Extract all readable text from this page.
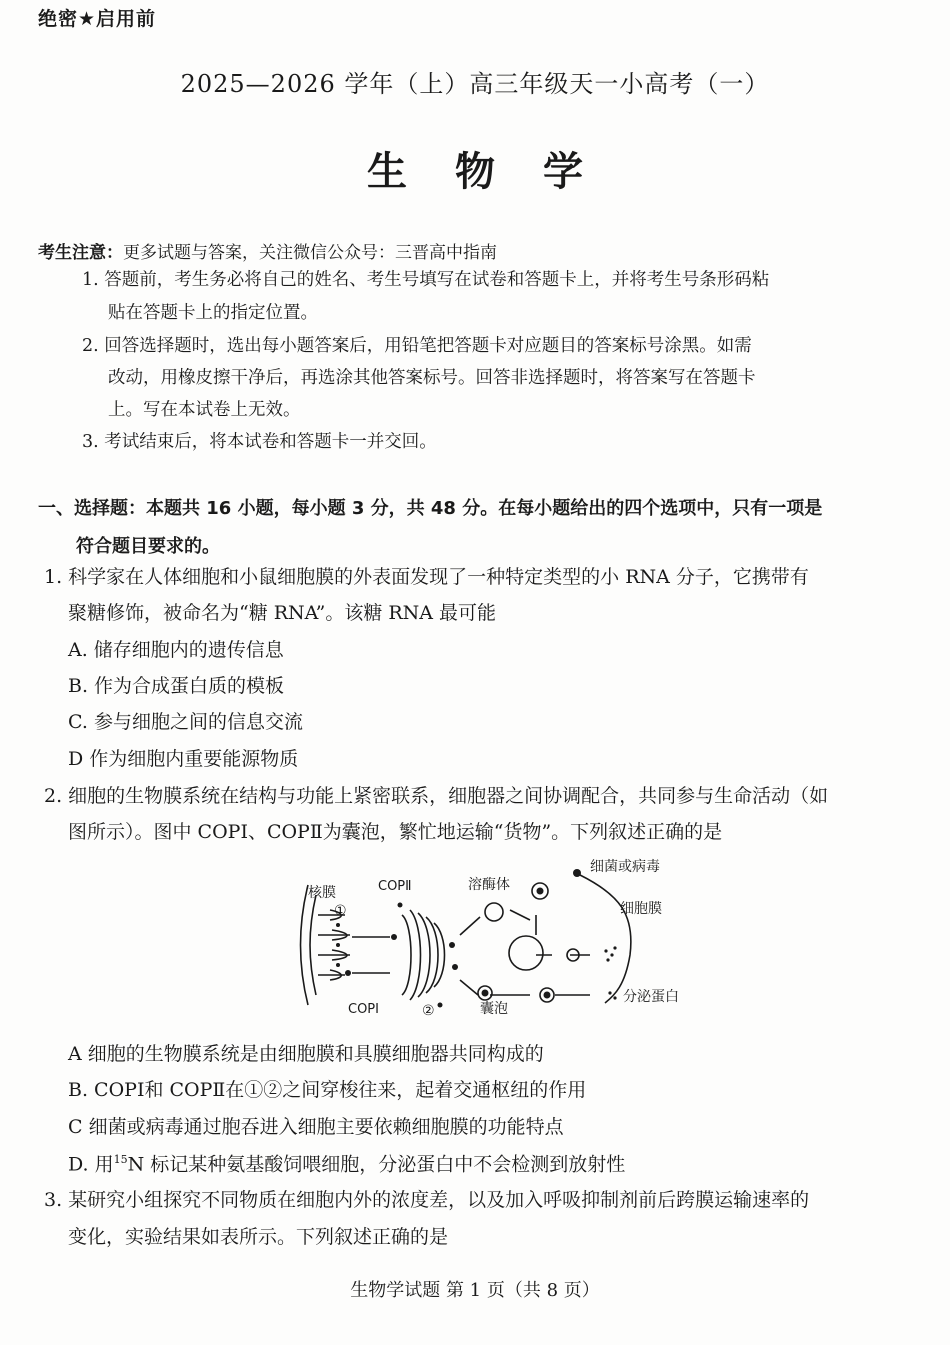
绝密★启用前
2025—2026 学年（上）高三年级天一小高考（一）
生物学
考生注意：更多试题与答案，关注微信公众号：三晋高中指南
1. 答题前，考生务必将自己的姓名、考生号填写在试卷和答题卡上，并将考生号条形码粘
贴在答题卡上的指定位置。
2. 回答选择题时，选出每小题答案后，用铅笔把答题卡对应题目的答案标号涂黑。如需
改动，用橡皮擦干净后，再选涂其他答案标号。回答非选择题时，将答案写在答题卡
上。写在本试卷上无效。
3. 考试结束后，将本试卷和答题卡一并交回。
一、选择题：本题共 16 小题，每小题 3 分，共 48 分。在每小题给出的四个选项中，只有一项是
符合题目要求的。
1. 科学家在人体细胞和小鼠细胞膜的外表面发现了一种特定类型的小 RNA 分子，它携带有
聚糖修饰，被命名为“糖 RNA”。该糖 RNA 最可能
A. 储存细胞内的遗传信息
B. 作为合成蛋白质的模板
C. 参与细胞之间的信息交流
D 作为细胞内重要能源物质
2. 细胞的生物膜系统在结构与功能上紧密联系，细胞器之间协调配合，共同参与生命活动（如
图所示）。图中 COPⅠ、COPⅡ为囊泡，繁忙地运输“货物”。下列叙述正确的是
核膜	COPⅡ	溶酶体
细菌或病毒
细胞膜
①
②
COPⅠ	囊泡
分泌蛋白
A 细胞的生物膜系统是由细胞膜和具膜细胞器共同构成的
B. COPⅠ和 COPⅡ在①②之间穿梭往来，起着交通枢纽的作用
C 细菌或病毒通过胞吞进入细胞主要依赖细胞膜的功能特点
D. 用$^{15}$N 标记某种氨基酸饲喂细胞，分泌蛋白中不会检测到放射性
3. 某研究小组探究不同物质在细胞内外的浓度差，以及加入呼吸抑制剂前后跨膜运输速率的
变化，实验结果如表所示。下列叙述正确的是
生物学试题 第 1 页（共 8 页）
